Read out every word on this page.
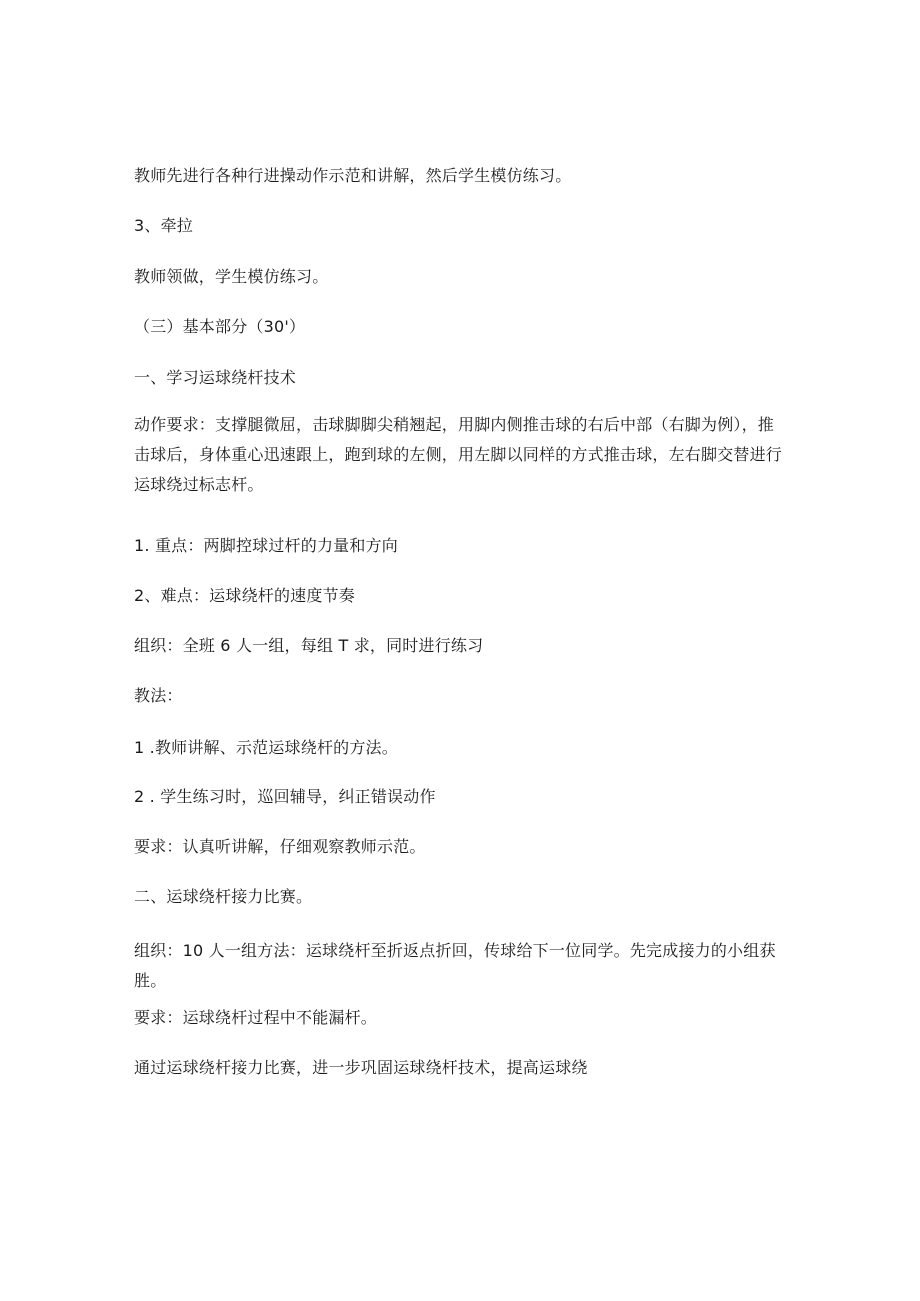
教师先进行各种行进操动作示范和讲解，然后学生模仿练习。
3、牵拉
教师领做，学生模仿练习。
（三）基本部分（30'）
一、学习运球绕杆技术
动作要求：支撑腿微屈，击球脚脚尖稍翘起，用脚内侧推击球的右后中部（右脚为例），推击球后，身体重心迅速跟上，跑到球的左侧，用左脚以同样的方式推击球，左右脚交替进行运球绕过标志杆。
1. 重点：两脚控球过杆的力量和方向
2、难点：运球绕杆的速度节奏
组织：全班 6 人一组，每组 T 求，同时进行练习
教法：
1 .教师讲解、示范运球绕杆的方法。
2 . 学生练习时，巡回辅导，纠正错误动作
要求：认真听讲解，仔细观察教师示范。
二、运球绕杆接力比赛。
组织：10 人一组方法：运球绕杆至折返点折回，传球给下一位同学。先完成接力的小组获胜。
要求：运球绕杆过程中不能漏杆。
通过运球绕杆接力比赛，进一步巩固运球绕杆技术，提高运球绕
